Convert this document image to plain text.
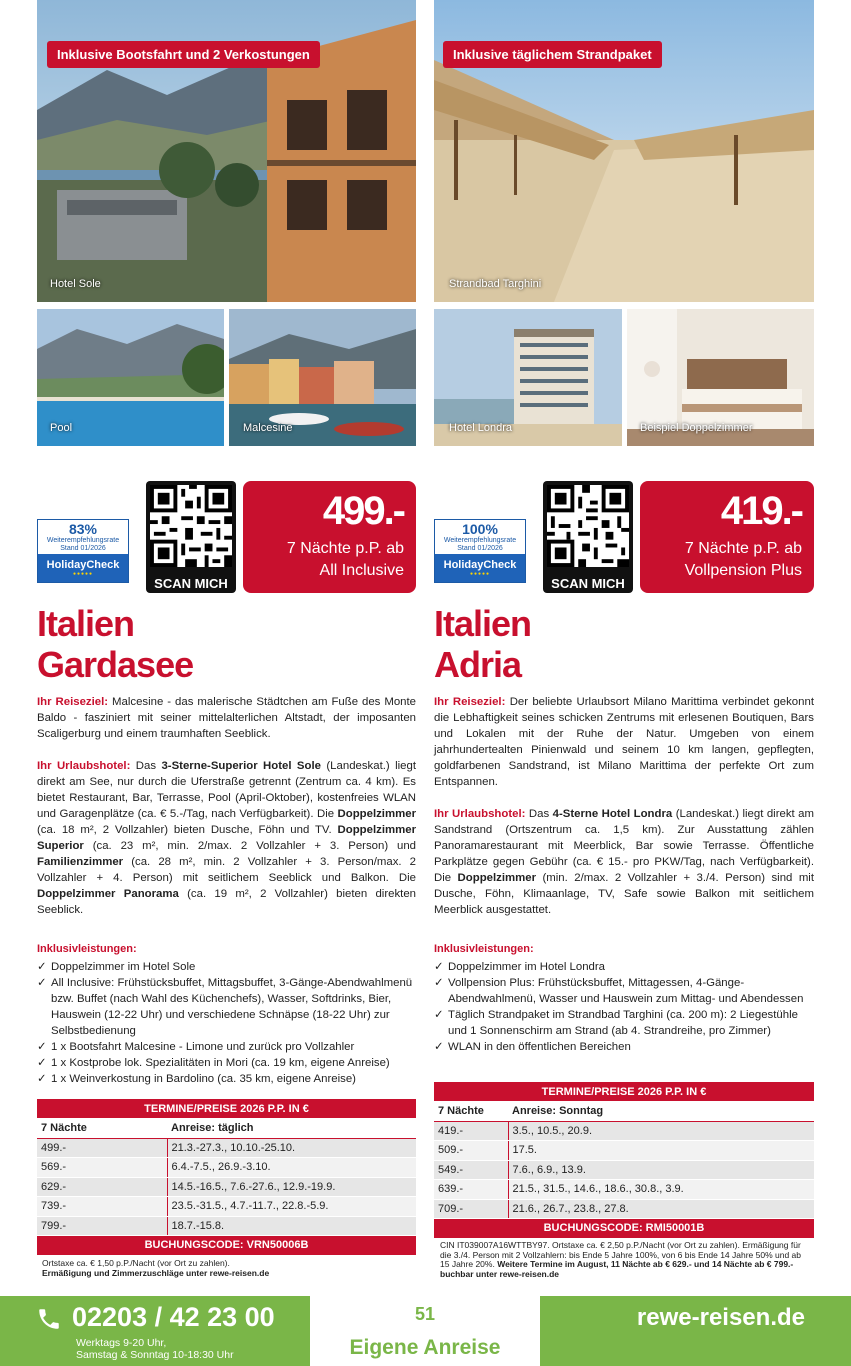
Inklusive Bootsfahrt und 2 Verkostungen
Hotel Sole
Pool	Malcesine
Inklusive täglichem Strandpaket
Strandbad Targhini
Hotel Londra	Beispiel Doppelzimmer
83%
Weiterempfehlungsrate
Stand 01/2026
HolidayCheck
●●●●●
SCAN MICH
499.-
7 Nächte p.P. ab
All Inclusive
100%
Weiterempfehlungsrate
Stand 01/2026
HolidayCheck
●●●●●
SCAN MICH
419.-
7 Nächte p.P. ab
Vollpension Plus
Italien
Gardasee
Italien
Adria
Ihr Reiseziel: Malcesine - das malerische Städtchen am Fuße des Monte Baldo - fasziniert mit seiner mittelalterlichen Altstadt, der imposanten Scaligerburg und einem traumhaften Seeblick.
Ihr Urlaubshotel: Das 3-Sterne-Superior Hotel Sole (Landeskat.) liegt direkt am See, nur durch die Uferstraße getrennt (Zentrum ca. 4 km). Es bietet Restaurant, Bar, Terrasse, Pool (April-Oktober), kostenfreies WLAN und Garagenplätze (ca. € 5.-/Tag, nach Verfügbarkeit). Die Doppelzimmer (ca. 18 m², 2 Vollzahler) bieten Dusche, Föhn und TV. Doppelzimmer Superior (ca. 23 m², min. 2/max. 2 Vollzahler + 3. Person) und Familienzimmer (ca. 28 m², min. 2 Vollzahler + 3. Person/max. 2 Vollzahler + 4. Person) mit seitlichem Seeblick und Balkon. Die Doppelzimmer Panorama (ca. 19 m², 2 Vollzahler) bieten direkten Seeblick.
Inklusivleistungen:
✓ Doppelzimmer im Hotel Sole
✓ All Inclusive: Frühstücksbuffet, Mittagsbuffet, 3-Gänge-Abendwahlmenü bzw. Buffet (nach Wahl des Küchenchefs), Wasser, Softdrinks, Bier, Hauswein (12-22 Uhr) und verschiedene Schnäpse (18-22 Uhr) zur Selbstbedienung
✓ 1 x Bootsfahrt Malcesine - Limone und zurück pro Vollzahler
✓ 1 x Kostprobe lok. Spezialitäten in Mori (ca. 19 km, eigene Anreise)
✓ 1 x Weinverkostung in Bardolino (ca. 35 km, eigene Anreise)
TERMINE/PREISE 2026 P.P. IN €	
7 Nächte	Anreise: täglich
499.-	21.3.-27.3., 10.10.-25.10.
569.-	6.4.-7.5., 26.9.-3.10.
629.-	14.5.-16.5., 7.6.-27.6., 12.9.-19.9.
739.-	23.5.-31.5., 4.7.-11.7., 22.8.-5.9.
799.-	18.7.-15.8.
BUCHUNGSCODE: VRN50006B	
Ortstaxe ca. € 1,50 p.P./Nacht (vor Ort zu zahlen).
Ermäßigung und Zimmerzuschläge unter rewe-reisen.de
Ihr Reiseziel: Der beliebte Urlaubsort Milano Marittima verbindet gekonnt die Lebhaftigkeit seines schicken Zentrums mit erlesenen Boutiquen, Bars und Lokalen mit der Ruhe der Natur. Umgeben von einem jahrhundertealten Pinienwald und seinem 10 km langen, gepflegten, goldfarbenen Sandstrand, ist Milano Marittima der perfekte Ort zum Entspannen.
Ihr Urlaubshotel: Das 4-Sterne Hotel Londra (Landeskat.) liegt direkt am Sandstrand (Ortszentrum ca. 1,5 km). Zur Ausstattung zählen Panoramarestaurant mit Meerblick, Bar sowie Terrasse. Öffentliche Parkplätze gegen Gebühr (ca. € 15.- pro PKW/Tag, nach Verfügbarkeit). Die Doppelzimmer (min. 2/max. 2 Vollzahler + 3./4. Person) sind mit Dusche, Föhn, Klimaanlage, TV, Safe sowie Balkon mit seitlichem Meerblick ausgestattet.
Inklusivleistungen:
✓ Doppelzimmer im Hotel Londra
✓ Vollpension Plus: Frühstücksbuffet, Mittagessen, 4-Gänge-Abendwahlmenü, Wasser und Hauswein zum Mittag- und Abendessen
✓ Täglich Strandpaket im Strandbad Targhini (ca. 200 m): 2 Liegestühle und 1 Sonnenschirm am Strand (ab 4. Strandreihe, pro Zimmer)
✓ WLAN in den öffentlichen Bereichen
TERMINE/PREISE 2026 P.P. IN €	
7 Nächte	Anreise: Sonntag
419.-	3.5., 10.5., 20.9.
509.-	17.5.
549.-	7.6., 6.9., 13.9.
639.-	21.5., 31.5., 14.6., 18.6., 30.8., 3.9.
709.-	21.6., 26.7., 23.8., 27.8.
BUCHUNGSCODE: RMI50001B	
CIN IT039007A16WTTBY97. Ortstaxe ca. € 2,50 p.P./Nacht (vor Ort zu zahlen). Ermäßigung für die 3./4. Person mit 2 Vollzahlern: bis Ende 5 Jahre 100%, von 6 bis Ende 14 Jahre 50% und ab 15 Jahre 20%. Weitere Termine im August, 11 Nächte ab € 629.- und 14 Nächte ab € 799.- buchbar unter rewe-reisen.de
02203 / 42 23 00
Werktags 9-20 Uhr,
Samstag & Sonntag 10-18:30 Uhr
51
Eigene Anreise
rewe-reisen.de
